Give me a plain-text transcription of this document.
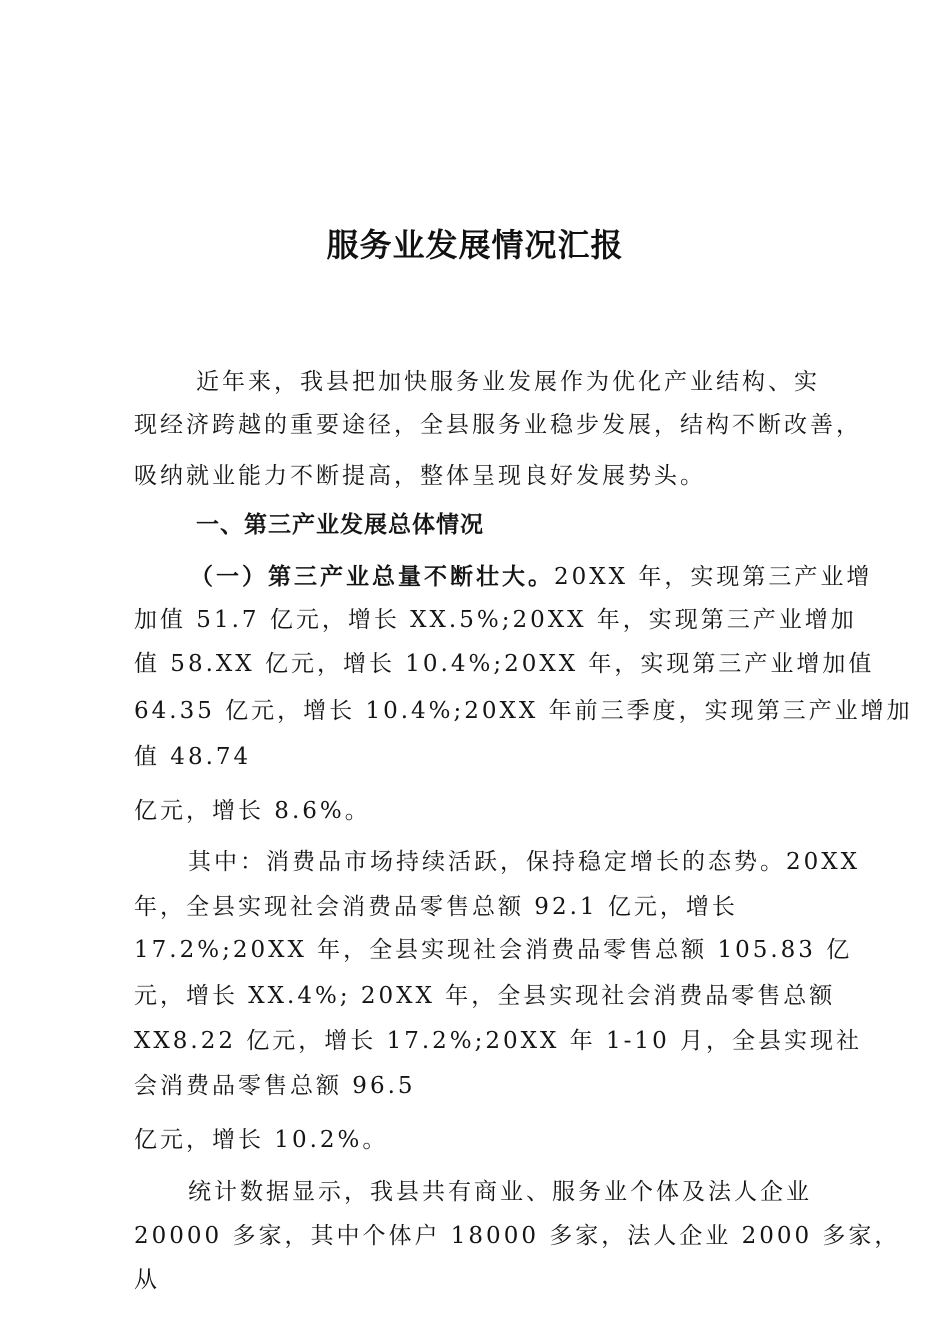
服务业发展情况汇报
近年来，我县把加快服务业发展作为优化产业结构、实
现经济跨越的重要途径，全县服务业稳步发展，结构不断改善，
吸纳就业能力不断提高，整体呈现良好发展势头。
一、第三产业发展总体情况
（一）第三产业总量不断壮大。20XX 年，实现第三产业增
加值 51.7 亿元，增长 XX.5%;20XX 年，实现第三产业增加
值 58.XX 亿元，增长 10.4%;20XX 年，实现第三产业增加值
64.35 亿元，增长 10.4%;20XX 年前三季度，实现第三产业增加
值 48.74
亿元，增长 8.6%。
其中：消费品市场持续活跃，保持稳定增长的态势。20XX
年，全县实现社会消费品零售总额 92.1 亿元，增长
17.2%;20XX 年，全县实现社会消费品零售总额 105.83 亿
元，增长 XX.4%; 20XX 年，全县实现社会消费品零售总额
XX8.22 亿元，增长 17.2%;20XX 年 1-10 月，全县实现社
会消费品零售总额 96.5
亿元，增长 10.2%。
统计数据显示，我县共有商业、服务业个体及法人企业
20000 多家，其中个体户 18000 多家，法人企业 2000 多家，
从
